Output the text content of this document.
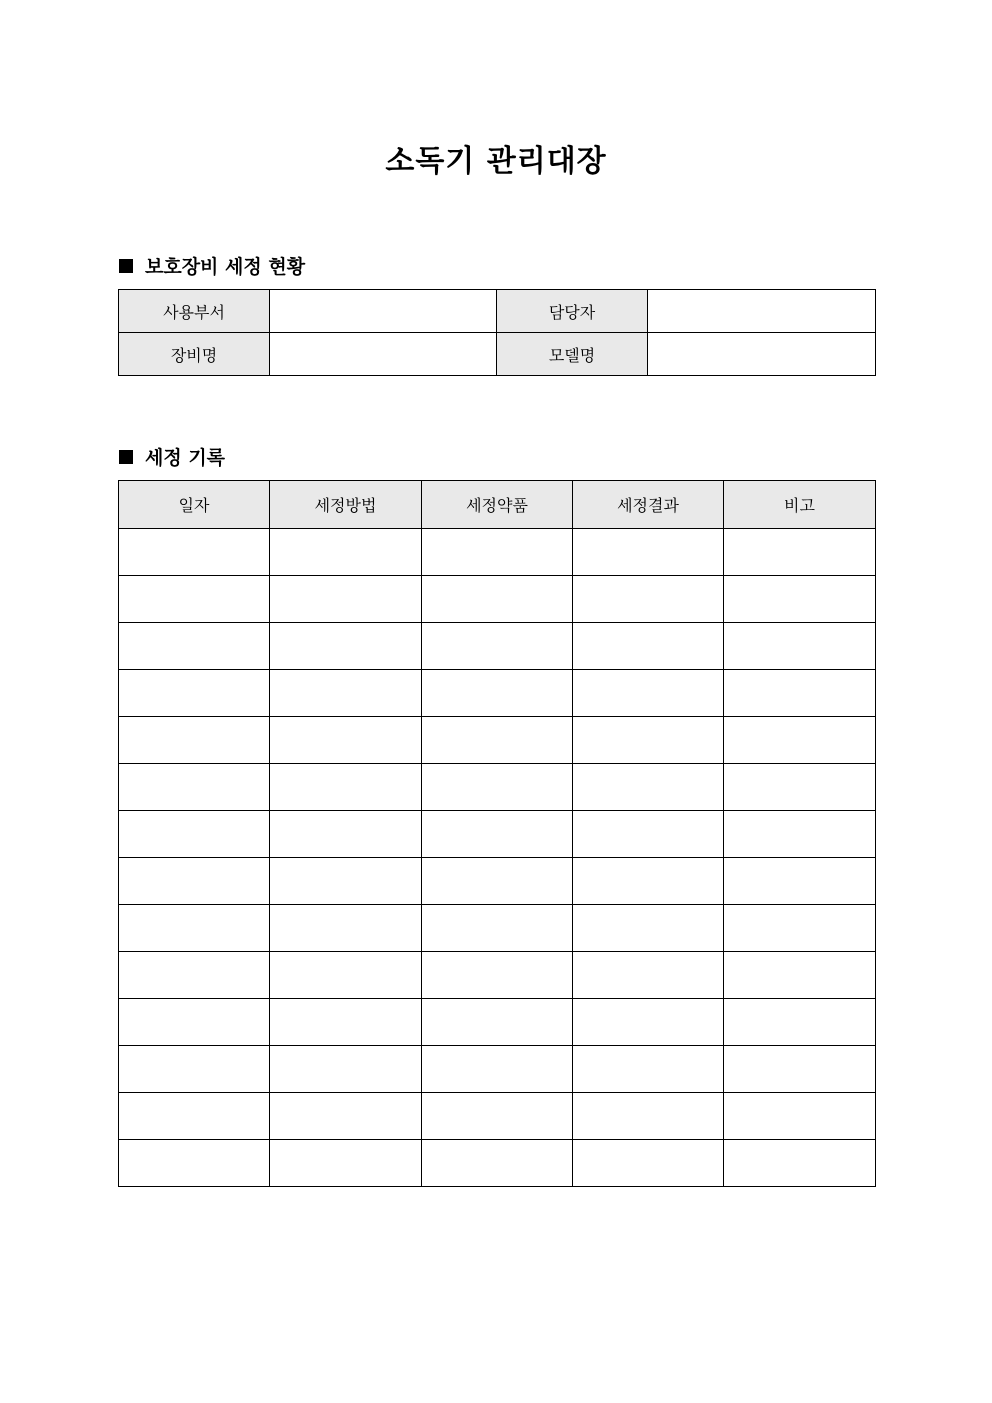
소독기 관리대장
보호장비 세정 현황
사용부서		담당자	
장비명		모델명	
세정 기록
일자	세정방법	세정약품	세정결과	비고
